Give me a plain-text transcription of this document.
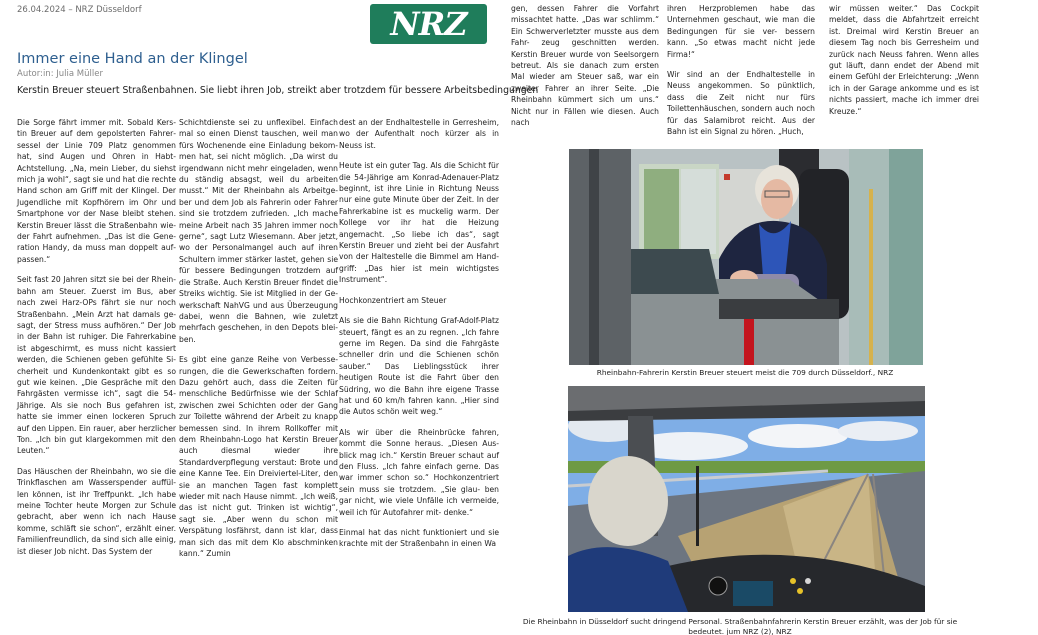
26.04.2024 – NRZ Düsseldorf	NRZ
Immer eine Hand an der Klingel
Autor:in: Julia Müller
Kerstin Breuer steuert Straßenbahnen. Sie liebt ihren Job, streikt aber trotzdem für bessere Arbeitsbedingungen

Die Sorge fährt immer mit. Sobald Kerstin Breuer auf dem gepolsterten Fahrersessel der Linie 709 Platz genommen hat, sind Augen und Ohren in Habt- Achtstellung. „Na, mein Lieber, du siehst mich ja wohl“, sagt sie und hat die rechte Hand schon am Griff mit der Klingel. Der Jugendliche mit Kopfhörern im Ohr und Smartphone vor der Nase bleibt stehen. Kerstin Breuer lässt die Straßenbahn wieder Fahrt aufnehmen. „Das ist die Generation Handy, da muss man doppelt aufpassen.“

Seit fast 20 Jahren sitzt sie bei der Rheinbahn am Steuer. Zuerst im Bus, aber nach zwei Harz-OPs fährt sie nur noch Straßenbahn. „Mein Arzt hat damals gesagt, der Stress muss aufhören.“ Der Job in der Bahn ist ruhiger. Die Fahrerkabine ist abgeschirmt, es muss nicht kassiert werden, die Schienen geben gefühlte Sicherheit und Kundenkontakt gibt es so gut wie keinen. „Die Gespräche mit den Fahrgästen vermisse ich“, sagt die 54-Jährige. Als sie noch Bus gefahren ist, hatte sie immer einen lockeren Spruch auf den Lippen. Ein rauer, aber herzlicher Ton. „Ich bin gut klargekommen mit den Leuten.“

Das Häuschen der Rheinbahn, wo sie die Trinkflaschen am Wasserspender auffüllen können, ist ihr Treffpunkt. „Ich habe meine Tochter heute Morgen zur Schule gebracht, aber wenn ich nach Hause komme, schläft sie schon“, erzählt einer. Familienfreundlich, da sind sich alle einig, ist dieser Job nicht. Das System der

Schichtdienste sei zu unflexibel. Einfach mal so einen Dienst tauschen, weil man fürs Wochenende eine Einladung bekommen hat, sei nicht möglich. „Da wirst du irgendwann nicht mehr eingeladen, wenn du ständig absagst, weil du arbeiten musst.“ Mit der Rheinbahn als Arbeitgeber und dem Job als Fahrerin oder Fahrer sind sie trotzdem zufrieden. „Ich mache meine Arbeit nach 35 Jahren immer noch gerne“, sagt Lutz Wiesemann. Aber jetzt, wo der Personalmangel auch auf ihren Schultern immer stärker lastet, gehen sie für bessere Bedingungen trotzdem auf die Straße. Auch Kerstin Breuer findet die Streiks wichtig. Sie ist Mitglied in der Gewerkschaft NahVG und aus Überzeugung dabei, wenn die Bahnen, wie zuletzt mehrfach geschehen, in den Depots bleiben.

Es gibt eine ganze Reihe von Verbesserungen, die die Gewerkschaften fordern. Dazu gehört auch, dass die Zeiten für menschliche Bedürfnisse wie der Schlaf zwischen zwei Schichten oder der Gang zur Toilette während der Arbeit zu knapp bemessen sind. In ihrem Rollkoffer mit dem Rheinbahn-Logo hat Kerstin Breuer auch diesmal wieder ihre Standardverpflegung verstaut: Brote und eine Kanne Tee. Ein Dreiviertel-Liter, den sie an manchen Tagen fast komplett wieder mit nach Hause nimmt. „Ich weiß, das ist nicht gut. Trinken ist wichtig“, sagt sie. „Aber wenn du schon mit Verspätung losfährst, dann ist klar, dass man sich das mit dem Klo abschminken kann.“ Zumin

dest an der Endhaltestelle in Gerresheim, wo der Aufenthalt noch kürzer als in Neuss ist.

Heute ist ein guter Tag. Als die Schicht für die 54-Jährige am Konrad-Adenauer-Platz beginnt, ist ihre Linie in Richtung Neuss nur eine gute Minute über der Zeit. In der Fahrerkabine ist es muckelig warm. Der Kollege vor ihr hat die Heizung angemacht. „So liebe ich das“, sagt Kerstin Breuer und zieht bei der Ausfahrt von der Haltestelle die Bimmel am Handgriff: „Das hier ist mein wichtigstes Instrument“.

Hochkonzentriert am Steuer

Als sie die Bahn Richtung Graf-Adolf-Platz steuert, fängt es an zu regnen. „Ich fahre gerne im Regen. Da sind die Fahrgäste schneller drin und die Schienen schön sauber.“ Das Lieblingsstück ihrer heutigen Route ist die Fahrt über den Südring, wo die Bahn ihre eigene Trasse hat und 60 km/h fahren kann. „Hier sind die Autos schön weit weg.“

Als wir über die Rheinbrücke fahren, kommt die Sonne heraus. „Diesen Ausblick mag ich.“ Kerstin Breuer schaut auf den Fluss. „Ich fahre einfach gerne. Das war immer schon so.“ Hochkonzentriert sein muss sie trotzdem. „Sie glau- ben gar nicht, wie viele Unfälle ich vermeide, weil ich für Autofahrer mit- denke.“

Einmal hat das nicht funktioniert und sie krachte mit der Straßenbahn in einen Wa

gen, dessen Fahrer die Vorfahrt missachtet hatte. „Das war schlimm.“ Ein Schwerverletzter musste aus dem Fahr- zeug geschnitten werden. Kerstin Breuer wurde von Seelsorgern betreut. Als sie danach zum ersten Mal wieder am Steuer saß, war ein zweiter Fahrer an ihrer Seite. „Die Rheinbahn kümmert sich um uns.“ Nicht nur in Fällen wie diesen. Auch nach

ihren Herzproblemen habe das Unternehmen geschaut, wie man die Bedingungen für sie ver- bessern kann. „So etwas macht nicht jede Firma!“

Wir sind an der Endhaltestelle in Neuss angekommen. So pünktlich, dass die Zeit nicht nur fürs Toilettenhäuschen, sondern auch noch für das Salamibrot reicht. Aus der Bahn ist ein Signal zu hören. „Huch,

wir müssen weiter.“ Das Cockpit meldet, dass die Abfahrtzeit erreicht ist. Dreimal wird Kerstin Breuer an diesem Tag noch bis Gerresheim und zurück nach Neuss fahren. Wenn alles gut läuft, dann endet der Abend mit einem Gefühl der Erleichterung: „Wenn ich in der Garage ankomme und es ist nichts passiert, mache ich immer drei Kreuze.“

Rheinbahn-Fahrerin Kerstin Breuer steuert meist die 709 durch Düsseldorf., NRZ
Die Rheinbahn in Düsseldorf sucht dringend Personal. Straßenbahnfahrerin Kerstin Breuer erzählt, was der Job für sie bedeutet. jum NRZ (2), NRZ
